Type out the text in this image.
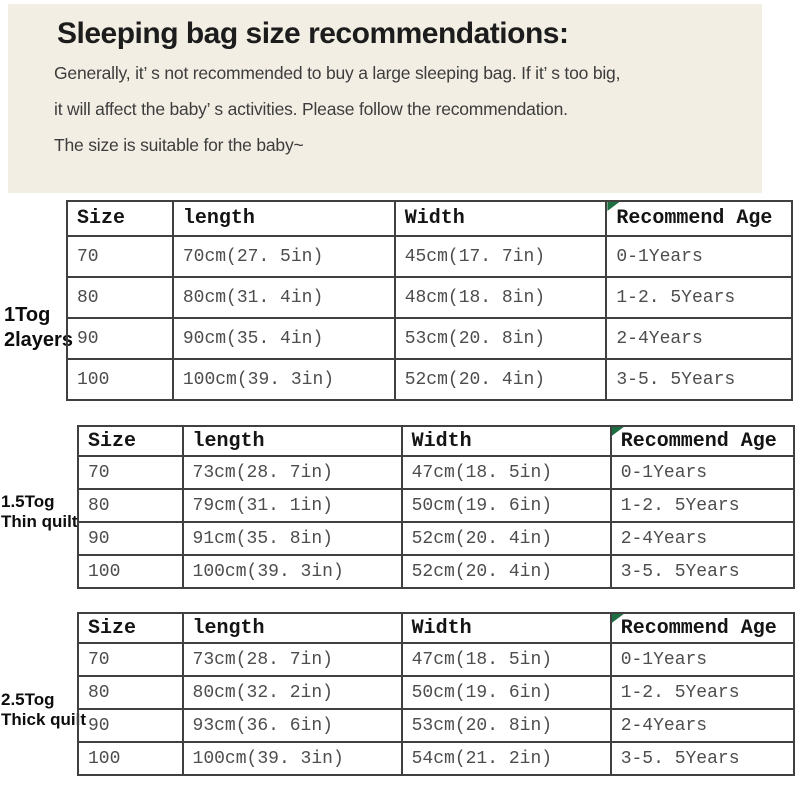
Sleeping bag size recommendations:

Generally, it’ s not recommended to buy a large sleeping bag. If it’ s too big,

it will affect the baby’ s activities. Please follow the recommendation.

The size is suitable for the baby~

1Tog
2layers
1.5Tog
Thin quilt
2.5Tog
Thick quilt
Size	length	Width	Recommend Age
70	70cm(27. 5in)	45cm(17. 7in)	0-1Years
80	80cm(31. 4in)	48cm(18. 8in)	1-2. 5Years
90	90cm(35. 4in)	53cm(20. 8in)	2-4Years
100	100cm(39. 3in)	52cm(20. 4in)	3-5. 5Years
Size	length	Width	Recommend Age
70	73cm(28. 7in)	47cm(18. 5in)	0-1Years
80	79cm(31. 1in)	50cm(19. 6in)	1-2. 5Years
90	91cm(35. 8in)	52cm(20. 4in)	2-4Years
100	100cm(39. 3in)	52cm(20. 4in)	3-5. 5Years
Size	length	Width	Recommend Age
70	73cm(28. 7in)	47cm(18. 5in)	0-1Years
80	80cm(32. 2in)	50cm(19. 6in)	1-2. 5Years
90	93cm(36. 6in)	53cm(20. 8in)	2-4Years
100	100cm(39. 3in)	54cm(21. 2in)	3-5. 5Years
